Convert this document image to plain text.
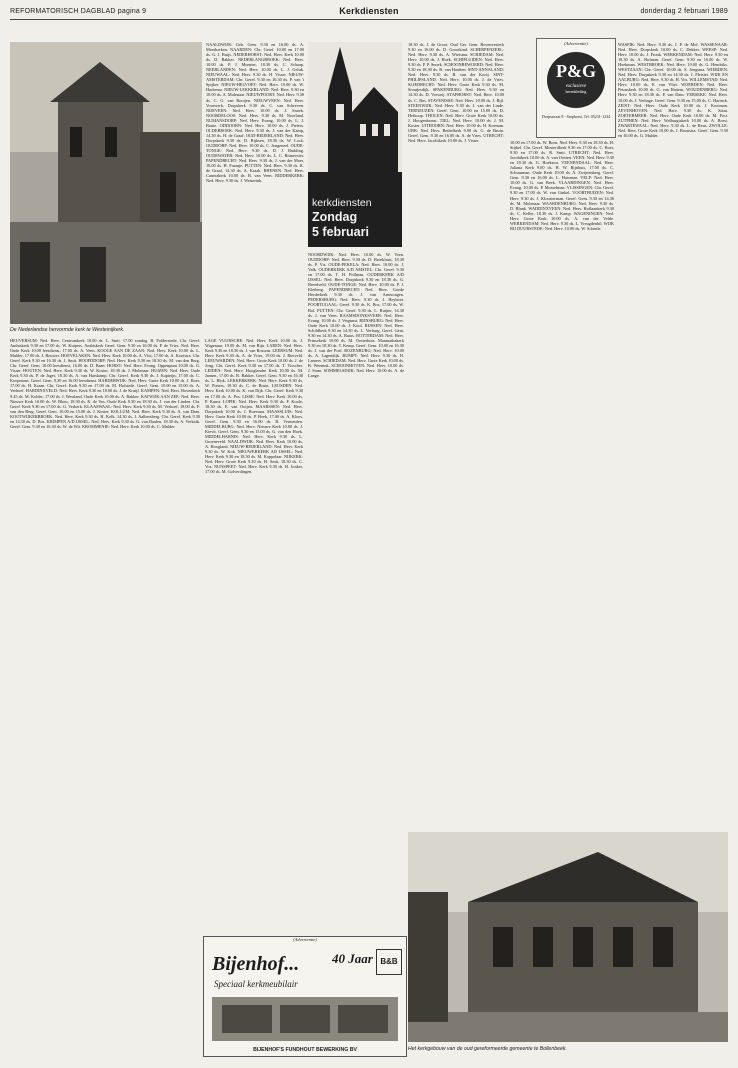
REFORMATORISCH DAGBLAD pagina 9	Kerkdiensten	donderdag 2 februari 1989
De Nederlandse hervormde kerk te Westeinijkerk.
kerkdiensten
Zondag
5 februari
(Advertentie)
P&G
exclusieve
herenkleding
Dorpsstraat 8 - Staphorst, Tel. 05231-1234

HEUVERSUM: Ned. Herv. Centrumkerk 10.00 ds. L. Smit. 17.00 zondag. B. Polderstede, Chr. Geref. Ambtskerk 9.30 en 17.00 ds. W. Kuipers. Ambtskerk Geref. Gem. 9.30 en 16.00 ds. P. de Vries. Ned. Herv. Oude Kerk 10.00 leesdienst, 17.00 ds. A. Veen. KOOGE AAN DE ZAAN: Ned. Herv. Kerk 10.00 ds. L. Mulder, 17.00 ds. J. Bouwer. HOEVELAKEN: Ned. Herv. Kerk 10.00 ds. A. Vlot, 17.00 ds. A. Kooistra. Chr. Geref. Kerk 9.30 en 16.30 ds. J. Smit. HOOFDDORP: Ned. Herv. Kerk 9.30 en 18.30 ds. M. van den Berg. Chr. Geref. Gem. 10.00 leesdienst, 16.00 ds. D. Baan. HORST: Ned. Herv. Evang. Oppenpunt 10.00 ds. G. Visser. HOUTEN: Ned. Herv. Kerk 9.30 ds. W. Koster, 18.30 ds. J. Molenaar. HUIZEN: Ned. Herv. Oude Kerk 9.30 ds. P. de Jager, 18.30 ds. A. van Harskamp. Chr. Geref. Kerk 9.30 ds. J. Kapteijn, 17.00 ds. C. Koopmans. Geref. Gem. 9.30 en 16.00 leesdienst. HARDERWIJK: Ned. Herv. Grote Kerk 10.00 ds. J. Boer, 17.00 ds. H. Kraan. Chr. Geref. Kerk 9.30 en 17.00 ds. M. Hofstede. Geref. Gem. 10.00 en 15.00 ds. A. Verhoef. HARDINXVELD: Ned. Herv. Kerk 9.30 en 18.00 ds. J. de Kruijf. KAMPEN: Ned. Herv. Bovenkerk 9.45 ds. M. Kolder, 17.00 ds. J. Westland. Oude Kerk 10.00 ds. A. Bakker. KATWIJK AAN ZEE: Ned. Herv. Nieuwe Kerk 10.00 ds. W. Blom, 18.30 ds. K. de Vos. Oude Kerk 9.30 en 18.30 ds. J. van der Linden. Chr. Geref. Kerk 9.30 en 17.00 ds. G. Verkerk. KLAASWAAL: Ned. Herv. Kerk 9.30 ds. M. Verhoef, 18.00 ds. P. van den Berg. Geref. Gem. 10.00 en 15.00 ds. J. Koster. KOLLUM: Ned. Herv. Kerk 9.30 ds. A. van Dam. KOOTWIJKERBROEK: Ned. Herv. Kerk 9.30 ds. H. Kolk, 14.30 ds. J. Aalbersberg. Chr. Geref. Kerk 9.30 en 14.30 ds. D. Bos. KRIMPEN A/D IJSSEL: Ned. Herv. Kerk 9.30 ds. G. van Baalen, 18.30 ds. A. Verkaik. Geref. Gem. 9.30 en 16.30 ds. W. de Wit. KROMMENIE: Ned. Herv. Kerk 10.00 ds. C. Mulder.

LAGE VUURSCHE: Ned. Herv. Kerk 10.00 ds. J. Wagenaar, 19.00 ds. M. van Rijn. LAREN: Ned. Herv. Kerk 9.30 en 18.30 ds. J. van Rossem. LEERSUM: Ned. Herv. Kerk 9.30 ds. A. de Vries, 19.00 ds. J. Rietveld. LEEUWARDEN: Ned. Herv. Grote Kerk 10.00 ds. J. de Jong. Chr. Geref. Kerk 9.30 en 17.00 ds. T. Visscher. LEIDEN: Ned. Herv. Hooglandse Kerk 10.00 ds. M. Jansen, 17.00 ds. R. Bakker. Geref. Gem. 9.30 en 16.30 ds. L. Blok. LEKKERKERK: Ned. Herv. Kerk 9.30 ds. W. Pieters, 18.30 ds. C. de Bruin. LEUSDEN: Ned. Herv. Kerk 10.00 ds. K. van Dijk. Chr. Geref. Kerk 9.30 en 17.00 ds. A. Pos. LISSE: Ned. Herv. Kerk 10.00 ds. P. Kunst. LOPIK: Ned. Herv. Kerk 9.30 ds. F. Koole, 18.30 ds. E. van Ooijen. MAARSSEN: Ned. Herv. Dorpskerk 10.00 ds. J. Boersma. MAASSLUIS: Ned. Herv. Grote Kerk 10.00 ds. P. Hoek, 17.00 ds. A. Kloos. Geref. Gem. 9.30 en 16.00 ds. B. Vermeulen. MIDDELBURG: Ned. Herv. Nieuwe Kerk 10.00 ds. J. Kievit. Geref. Gem. 9.30 en 15.00 ds. G. van den Hoek. MIDDELHARNIS: Ned. Herv. Kerk 9.30 ds. L. Groeneveld. NAALDWIJK: Ned. Herv. Kerk 10.00 ds. A. Hoogland. NIEUW-BEIJERLAND: Ned. Herv. Kerk 9.30 ds. W. Kok. NIEUWERKERK AD IJSSEL: Ned. Herv. Kerk 9.30 en 18.30 ds. M. Koppelaar. NIJKERK: Ned. Herv. Grote Kerk 9.30 ds. H. Smit, 18.30 ds. C. Vos. NUNSPEET: Ned. Herv. Kerk 9.30 ds. H. Jonker, 17.00 ds. M. Golverdingen.

NAALDWIJK: Geb. Gem. 9.30 en 16.00 ds. A. Moerkerken. NAARDEN: Chr. Geref. 10.00 en 17.00 ds. G. J. Buijs. NEDERHORST: Ned. Herv. Kerk 10.00 ds. D. Bakker. NEDERLANGBROEK: Ned. Herv. 10.00 ds. P. J. Munster, 18.30 ds. C. Schaap. NEERLANDEN: Ned. Herv. 10.00 ds. L. J. Geluk. NIEUWAAL: Ned. Herv. 9.30 ds. H. Visser. NIEUW-AMSTERDAM: Chr. Geref. 9.30 en 16.30 ds. P. van 't Spijker. NIEUW-HELVOET: Ned. Herv. 10.00 ds. W. Harkema. NIEUW-LEKKERLAND: Ned. Herv. 9.30 en 18.00 ds. A. Molenaar. NIEUWPOORT: Ned. Herv. 9.30 ds. C. G. van Rooijen. NIEUWVEEN: Ned. Herv. Voorwerk, Dorpskerk 9.30 ds. C. van Schreven. NIJEVEEN: Ned. Herv. 10.00 ds. J. Snoek. NOORDELOOS: Ned. Herv. 9.30 ds. M. Noorland. NUMANSDORP: Ned. Herv. Evang. 10.00 ds. L. J. Bonte. ODDOORN: Ned. Herv. 10.00 ds. J. Pieters. OLDEBROEK: Ned. Herv. 9.30 ds. J. van der Kamp, 14.30 ds. H. de Graaf. OUD-BEIJERLAND: Ned. Herv. Dorpskerk 9.30 ds. D. Rijksen, 18.30 ds. W. Lock. OUDDORP: Ned. Herv. 10.00 ds. C. Jongeneel. OUDE-TONGE: Ned. Herv. 9.30 ds. D. J. Budding. OUDEWATER: Ned. Herv. 10.00 ds. L. C. Ritmeester. PAPENDRECHT: Ned. Herv. 9.30 ds. J. van der Meer, 18.00 ds. H. Fraanje. PUTTEN: Ned. Herv. 9.30 ds. K. de Graaf, 14.30 ds. A. Kraak. RHENEN: Ned. Herv. Cunerakerk 10.00 ds. B. van Veen. RIDDERKERK: Ned. Herv. 9.30 ds. J. Westerink.

NOORDWIJK: Ned. Herv. 10.00 ds. W. Veen. OUDDORP: Ned. Herv. 9.30 ds. D. Broekhuis, 18.30 ds. P. Vis. OUDE-PEKELA: Ned. Herv. 10.00 ds. J. Valk. OUDERKERK A/D AMSTEL: Chr. Geref. 9.30 en 17.00 ds. T. H. Pollman. OUDERKERK A/D IJSSEL: Ned. Herv. Dorpskerk 9.30 en 18.30 ds. G. Breedveld. OUDE-TONGE: Ned. Herv. 10.00 ds. P. J. Kleiberg. PAPENDRECHT: Ned. Herv. Goede Herderkerk 9.30 ds. J. van Amerongen. PEDERSBURG: Ned. Herv. 9.30 ds. J. Heyboer. POORTUGAAL: Geref. 9.30 ds. K. Bos, 17.00 ds. W. Bol. PUTTEN: Chr. Geref. 9.30 ds. L. Ruijter, 14.30 ds. J. van Veen. RAAMSDONKSVEER: Ned. Herv. Evang. 10.00 ds. J. Vergunst. RIJNSBURG: Ned. Herv. Oude Kerk 10.00 ds. J. Kool. RIJSSEN: Ned. Herv. Schildkerk 9.30 en 14.30 ds. L. Verburg. Geref. Gem. 9.30 en 14.30 ds. A. Baars. ROTTERDAM: Ned. Herv. Prinsekerk 10.00 ds. M. Oosterhuis. Maranathakerk 9.30 en 18.30 ds. T. Kemp. Geref. Gem. 10.00 en 16.30 ds. J. van der Poel. ROZENBURG: Ned. Herv. 10.00 ds. A. Lagendijk. RUMPT: Ned. Herv. 9.30 ds. H. Lamers. SCHIEDAM: Ned. Herv. Grote Kerk 10.00 ds. B. Weenink. SCHOONHOVEN: Ned. Herv. 10.00 ds. J. Stam. SOMMELSDIJK: Ned. Herv. 10.00 ds. A. de Lange.

18.30 ds. J. de Groot. Oud Ger. Gem. Bovenvesterk 9.30 en 16.00 ds. D. Grootkind. SCHERPENZEEL: Ned. Herv. 9.30 ds. A. Wietsma. SCHIEDAM: Ned. Herv. 10.00 ds. J. Hoek. SCHIPLUIDEN: Ned. Herv. 9.30 ds. P. P. Snoek. SCHOONREWOERD: Ned. Herv. 9.30 en 18.30 ds. B. van Haaften. SINT-ANNALAND: Ned. Herv. 9.30 ds. R. van der Kooij. SINT-PHILIPSLAND: Ned. Herv. 10.00 ds. J. de Vries. SLIEDRECHT: Ned. Herv. Grote Kerk 9.30 ds. M. Stoutjesdijk. SPAKENBURG: Ned. Herv. 9.30 en 14.30 ds. D. Verweij. STAPHORST: Ned. Herv. 10.00 ds. C. Bas. STAVENISSE: Ned. Herv. 10.00 ds. J. Bijl. STEENWIJK: Ned. Herv. 9.30 ds. J. van der Linde. TERNEUZEN: Geref. Gem. 10.00 en 15.00 ds. D. Heikoop. THOLEN: Ned. Herv. Grote Kerk 10.00 ds. J. Hoogenboom. TIEL: Ned. Herv. 10.00 ds. J. M. Koster. UITHOORN: Ned. Herv. 10.00 ds. H. Koeman. URK: Ned. Herv. Bethelkerk 9.00 ds. G. de Bruin. Geref. Gem. 9.30 en 16.00 ds. A. de Vries. UTRECHT: Ned. Herv. Jacobikerk 10.00 ds. J. Visser.	10.00 en 17.00 ds. W. Bons. Ned. Herv. 9.30 en 18.30 ds. H. Stijkel. Chr. Geref. Mosterdkerk 9.30 en 17.00 ds. C. Boer, 9.30 en 17.00 ds. R. Smit. UTRECHT: Ned. Herv. Jacobikerk 10.00 ds. A. van Oosten. VEEN: Ned. Herv. 9.30 en 18.30 ds. G. Hoekstra. VEENENDAAL: Ned. Herv. Juliana Kerk 9.00 ds. H. W. Rijnhuis, 17.00 ds. C. Schuurman. Oude Kerk 10.00 ds. A. Zwijnenberg. Geref. Gem. 9.30 en 16.00 ds. L. Huisman. VELP: Ned. Herv. 10.00 ds. G. van Beek. VLAARDINGEN: Ned. Herv. Evang. 10.00 ds. P. Mosselman. VLISSINGEN: Chr. Geref. 9.30 en 17.00 ds. W. van Ginkel. VOORTHUIZEN: Ned. Herv. 9.30 ds. J. Kloosterman. Geref. Gem. 9.30 en 14.30 ds. M. Molenaar. WAARDENBURG: Ned. Herv. 9.30 ds. D. Blank. WADDINXVEEN: Ned. Herv. Hoflaankerk 9.30 ds. C. Keller, 18.30 ds. J. Kamp. WAGENINGEN: Ned. Herv. Grote Kerk 10.00 ds. A. van der Velde. WERKENDAM: Ned. Herv. 9.30 ds. L. Vreugdenhil. WIJK BIJ DUURSTEDE: Ned. Herv. 10.00 ds. W. Scheele.

WASPIK: Ned. Herv. 9.30 ds. J. P. de Mol. WASSENAAR: Ned. Herv. Dorpskerk 10.00 ds. C. Dekker. WEESP: Ned. Herv. 10.00 ds. J. Pronk. WERKENDAM: Ned. Herv. 9.30 en 18.30 ds. A. Hofman. Geref. Gem. 9.30 en 16.00 ds. W. Hoekman. WESTBROEK: Ned. Herv. 10.00 ds. G. Hendriks. WESTZAAN: Chr. Geref. 10.00 ds. S. Jongsma. WIERDEN: Ned. Herv. Dorpskerk 9.30 en 14.30 ds. J. Pleisier. WIJK EN AALBURG: Ned. Herv. 9.30 ds. H. Vos. WILLEMSTAD: Ned. Herv. 10.00 ds. E. van Vliet. WOERDEN: Ned. Herv. Petruskerk 10.00 ds. G. van Hattem. WOUDENBERG: Ned. Herv. 9.30 en 18.30 ds. P. van Dam. YERSEKE: Ned. Herv. 10.00 ds. J. Verhage. Geref. Gem. 9.30 en 15.00 ds. C. Harinck. ZEIST: Ned. Herv. Oude Kerk 10.00 ds. J. Kooiman. ZEVENHOVEN: Ned. Herv. 9.30 ds. K. Stam. ZOETERMEER: Ned. Herv. Oude Kerk 10.00 ds. M. Post. ZUTPHEN: Ned. Herv. Walburgiskerk 10.00 ds. A. Borst. ZWARTEWAAL: Ned. Herv. 9.30 ds. L. de Reus. ZWOLLE: Ned. Herv. Grote Kerk 10.00 ds. J. Boonstra. Geref. Gem. 9.30 en 16.00 ds. G. Mulder.

(Advertentie)
Bijenhof...	40 Jaar B&B
Speciaal kerkmeubilair
BIJENHOF'S FUNDHOUT BEWERKING BV	Het kerkgebouw van de oud gereformeerde gemeente te Bollenbeek.
